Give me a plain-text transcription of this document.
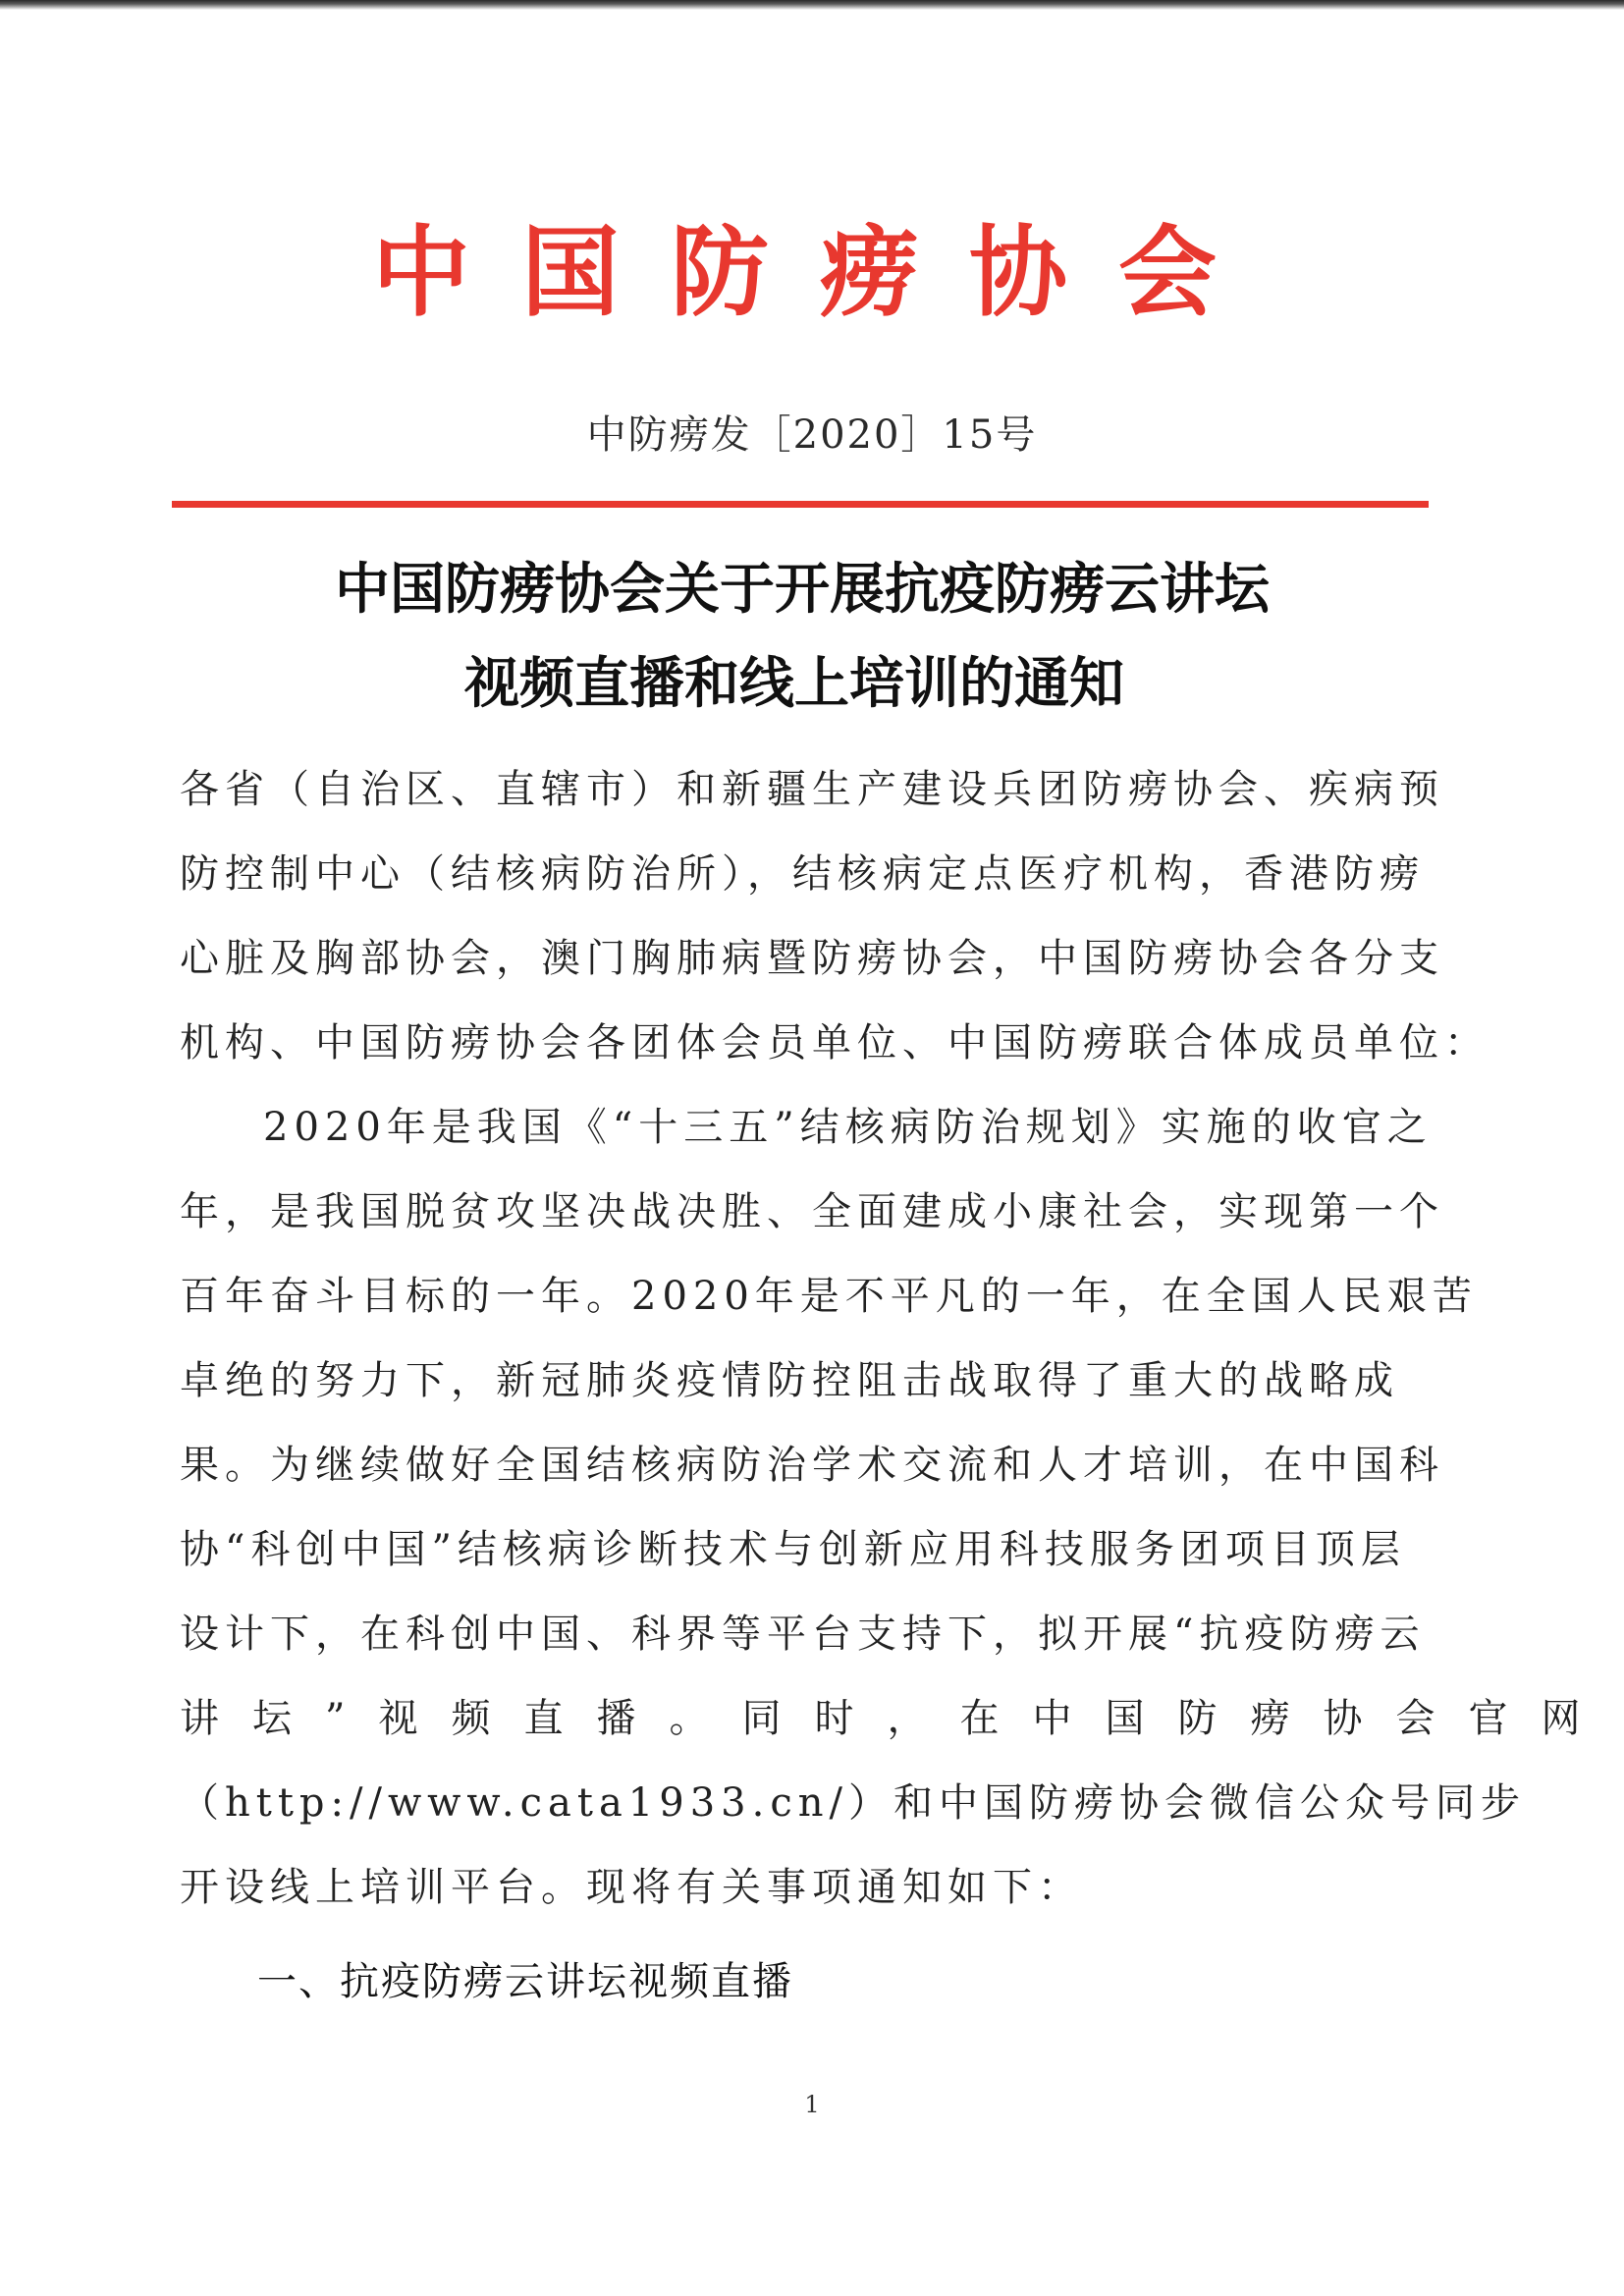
中国防痨协会
中防痨发［2020］15号
中国防痨协会关于开展抗疫防痨云讲坛
视频直播和线上培训的通知
各省（自治区、直辖市）和新疆生产建设兵团防痨协会、疾病预
防控制中心（结核病防治所），结核病定点医疗机构，香港防痨
心脏及胸部协会，澳门胸肺病暨防痨协会，中国防痨协会各分支
机构、中国防痨协会各团体会员单位、中国防痨联合体成员单位：
2020年是我国《“十三五”结核病防治规划》实施的收官之
年，是我国脱贫攻坚决战决胜、全面建成小康社会，实现第一个
百年奋斗目标的一年。2020年是不平凡的一年，在全国人民艰苦
卓绝的努力下，新冠肺炎疫情防控阻击战取得了重大的战略成
果。为继续做好全国结核病防治学术交流和人才培训，在中国科
协“科创中国”结核病诊断技术与创新应用科技服务团项目顶层
设计下，在科创中国、科界等平台支持下，拟开展“抗疫防痨云
讲坛”视频直播。同时，在中国防痨协会官网
（http://www.cata1933.cn/）和中国防痨协会微信公众号同步
开设线上培训平台。现将有关事项通知如下：
一、抗疫防痨云讲坛视频直播
1
